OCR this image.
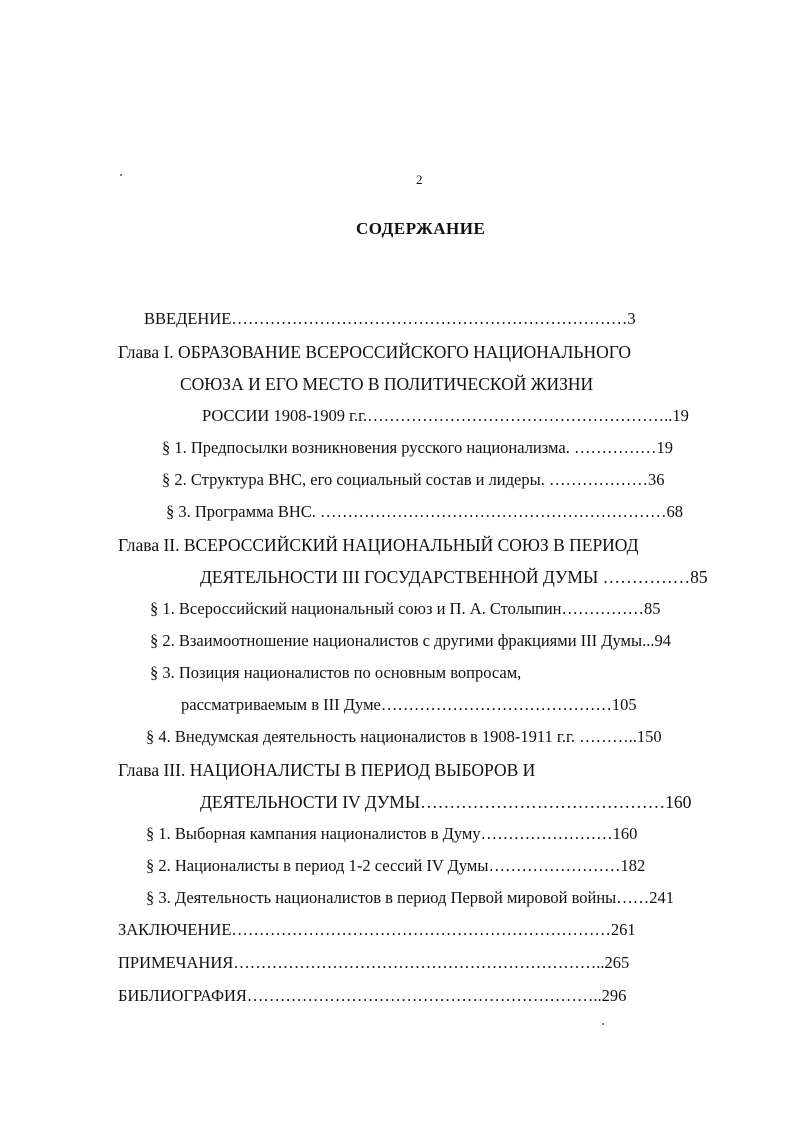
2
СОДЕРЖАНИЕ
ВВЕДЕНИЕ………………………………………………………………3
Глава I. ОБРАЗОВАНИЕ ВСЕРОССИЙСКОГО НАЦИОНАЛЬНОГО
СОЮЗА И ЕГО МЕСТО В ПОЛИТИЧЕСКОЙ ЖИЗНИ
РОССИИ 1908-1909 г.г.………………………………………………..19
§ 1. Предпосылки возникновения русского национализма. ……………19
§ 2. Структура ВНС, его социальный состав и лидеры. ………………36
§ 3. Программа ВНС. ………………………………………………………68
Глава II. ВСЕРОССИЙСКИЙ НАЦИОНАЛЬНЫЙ СОЮЗ В ПЕРИОД
ДЕЯТЕЛЬНОСТИ III ГОСУДАРСТВЕННОЙ ДУМЫ ……………85
§ 1. Всероссийский национальный союз и П. А. Столыпин……………85
§ 2. Взаимоотношение националистов с другими фракциями III Думы...94
§ 3. Позиция националистов по основным вопросам,
рассматриваемым в III Думе……………………………………105
§ 4. Внедумская деятельность националистов в 1908-1911 г.г. ………..150
Глава III. НАЦИОНАЛИСТЫ В ПЕРИОД ВЫБОРОВ И
ДЕЯТЕЛЬНОСТИ IV ДУМЫ……………………………………160
§ 1. Выборная кампания националистов в Думу……………………160
§ 2. Националисты в период 1-2 сессий IV Думы……………………182
§ 3. Деятельность националистов в период Первой мировой войны……241
ЗАКЛЮЧЕНИЕ……………………………………………………………261
ПРИМЕЧАНИЯ…………………………………………………………..265
БИБЛИОГРАФИЯ………………………………………………………..296
